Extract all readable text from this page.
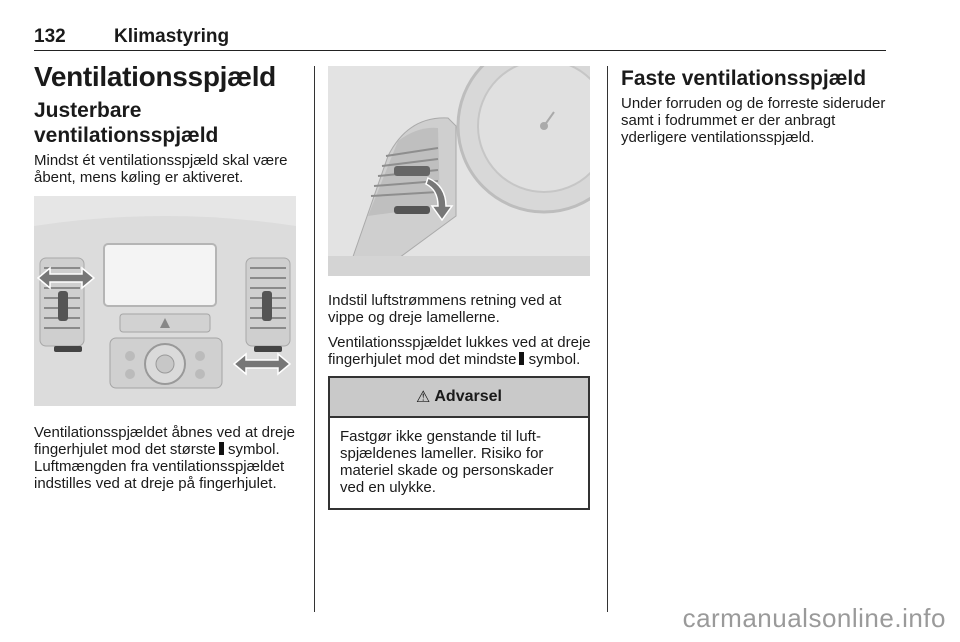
132	Klimastyring
Ventilationsspjæld
Justerbare
ventilationsspjæld

Mindst ét ventilationsspjæld skal være åbent, mens køling er aktiveret.

Ventilationsspjældet åbnes ved at dreje fingerhjulet mod det største symbol. Luftmængden fra ventilationsspjældet indstilles ved at dreje på fingerhjulet.

Indstil luftstrømmens retning ved at vippe og dreje lamellerne.

Ventilationsspjældet lukkes ved at dreje fingerhjulet mod det mindste symbol.

⚠ Advarsel

Fastgør ikke genstande til luftspjældenes lameller. Risiko for materiel skade og personskader ved en ulykke.

Faste ventilationsspjæld

Under forruden og de forreste sideruder samt i fodrummet er der anbragt yderligere ventilationsspjæld.

carmanualsonline.info
